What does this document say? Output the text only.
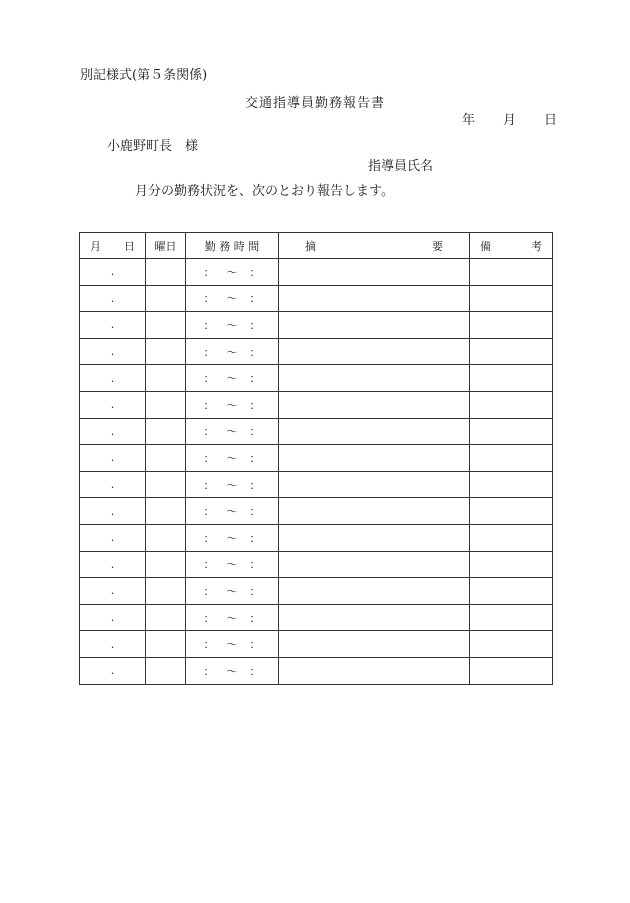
別記様式(第５条関係)
交通指導員勤務報告書
年 月 日
小鹿野町長　様
指導員氏名
月分の勤務状況を、次のとおり報告します。
月 日	曜日	勤 務 時 間	摘 要	備 考

.		： ～ ：		
.		： ～ ：		
.		： ～ ：		
.		： ～ ：		
.		： ～ ：		
.		： ～ ：		
.		： ～ ：		
.		： ～ ：		
.		： ～ ：		
.		： ～ ：		
.		： ～ ：		
.		： ～ ：		
.		： ～ ：		
.		： ～ ：		
.		： ～ ：		
.		： ～ ：		
